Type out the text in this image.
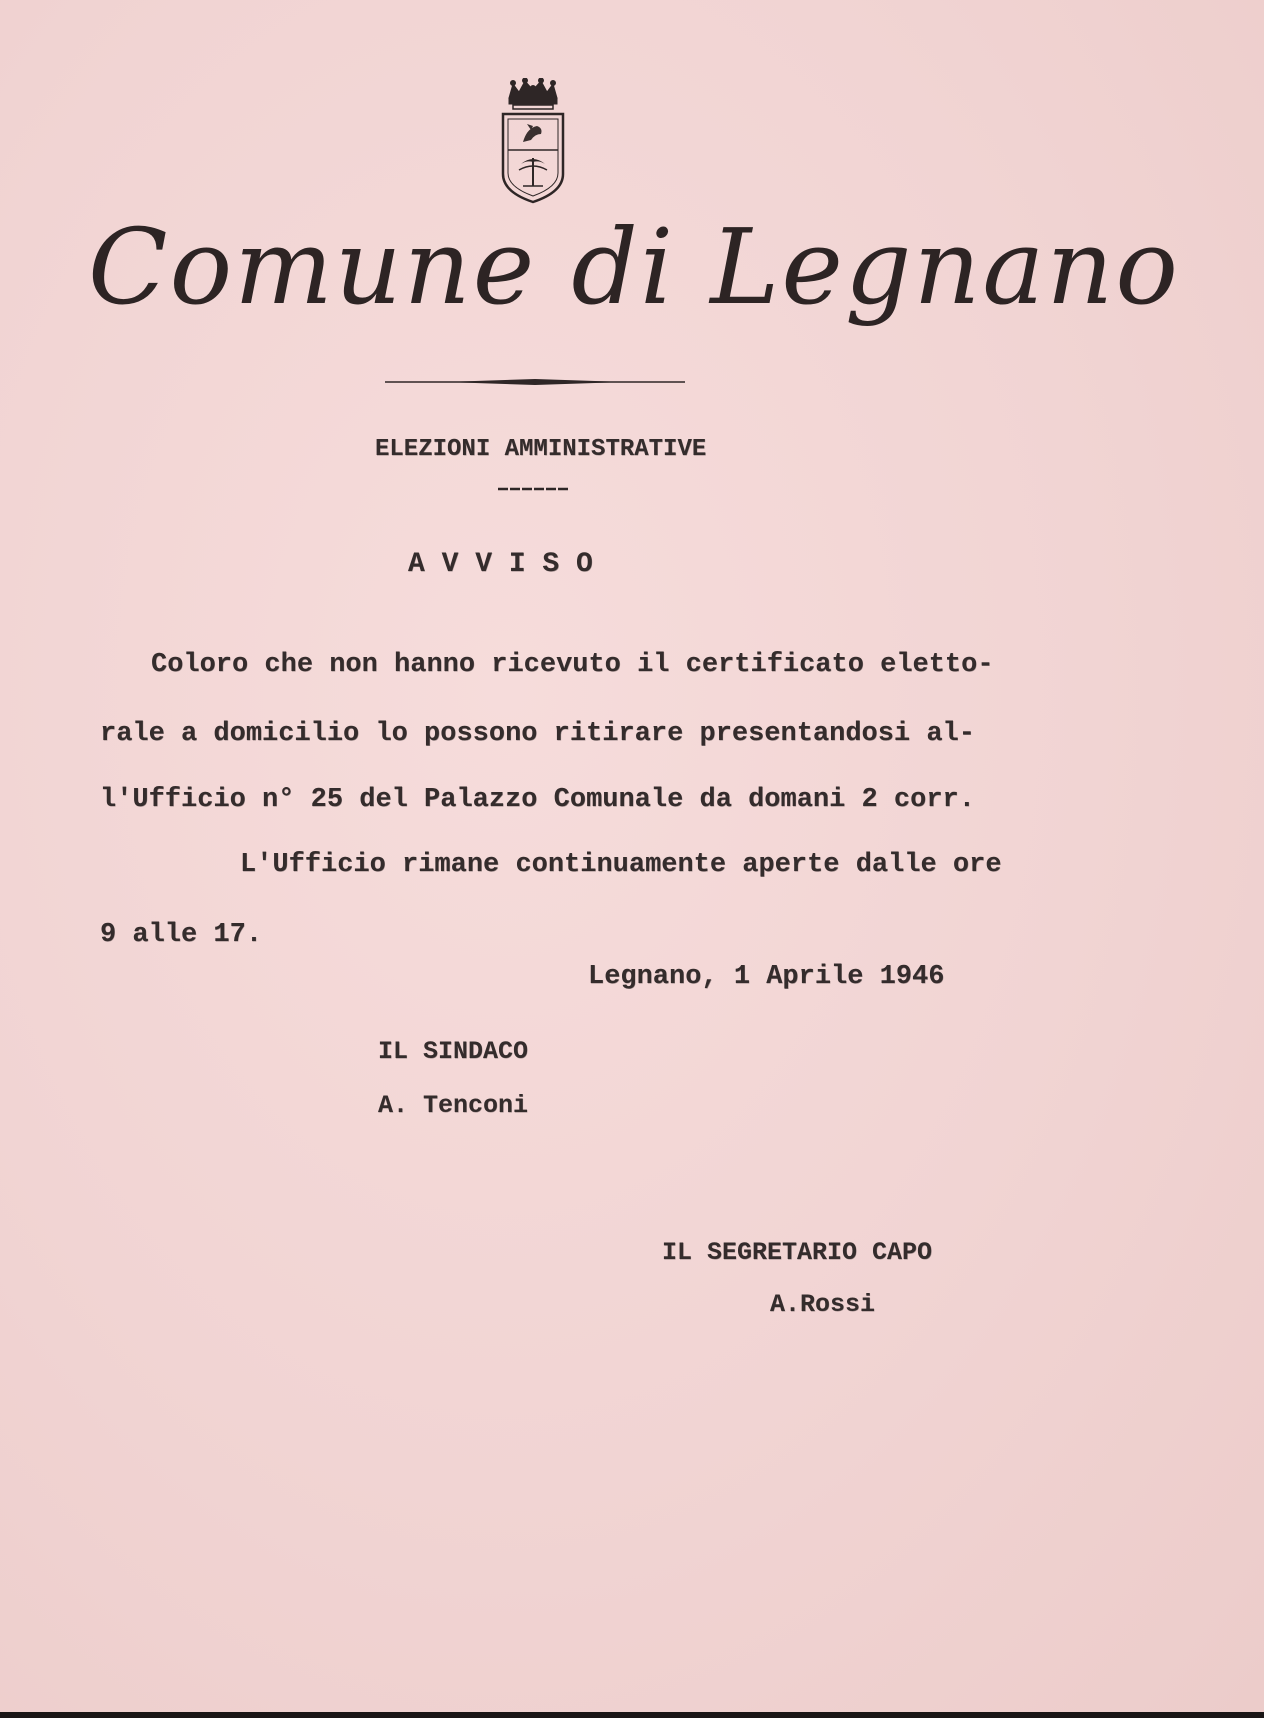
Comune di Legnano
ELEZIONI AMMINISTRATIVE
A V V I S O
Coloro che non hanno ricevuto il certificato eletto-
rale a domicilio lo possono ritirare presentandosi al-
l'Ufficio n° 25 del Palazzo Comunale da domani 2 corr.
L'Ufficio rimane continuamente aperte dalle ore
9 alle 17.
Legnano, 1 Aprile 1946
IL SINDACO
A. Tenconi
IL SEGRETARIO CAPO
A.Rossi
